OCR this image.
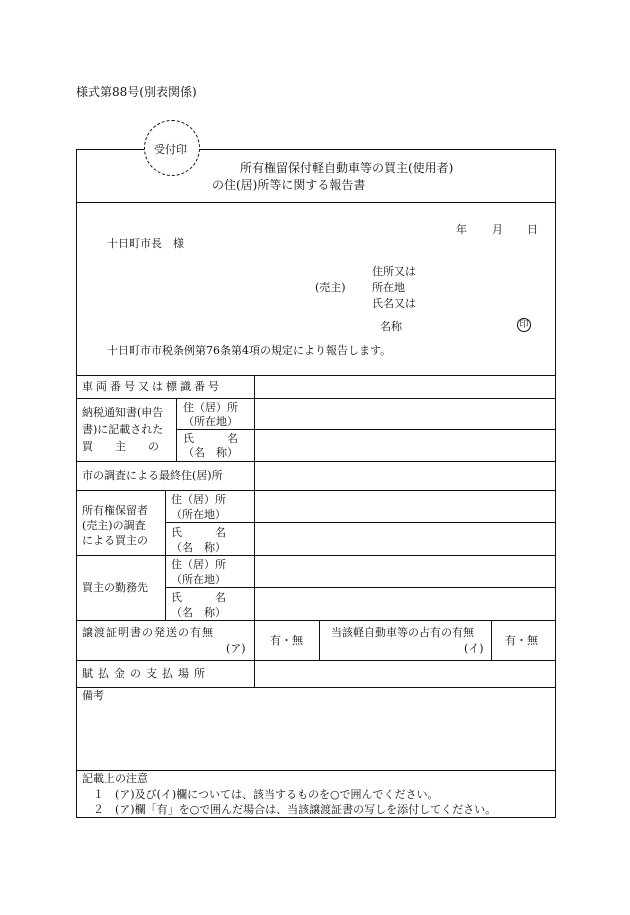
様式第88号(別表関係)
受付印
所有権留保付軽自動車等の買主(使用者)
の住(居)所等に関する報告書
年 月 日
十日町市長　様
住所又は
(売主) 所在地
氏名又は
名称	印
十日町市市税条例第76条第4項の規定により報告します。
車両番号又は標識番号
納税通知書(申告
書)に記載された
買　　主　　の
住（居）所
（所在地）
氏　　　名
（名　称）
市の調査による最終住(居)所
所有権保留者
(売主)の調査
による買主の
住（居）所
（所在地）
氏　　　名
（名　称）
買主の勤務先
住（居）所
（所在地）
氏　　　名
（名　称）
譲渡証明書の発送の有無
(ア)
有・無
当該軽自動車等の占有の有無
(イ)
有・無
賦払金の支払場所
備考
記載上の注意
１　(ア)及び(イ)欄については、該当するものを○で囲んでください。
２　(ア)欄「有」を○で囲んだ場合は、当該譲渡証書の写しを添付してください。
